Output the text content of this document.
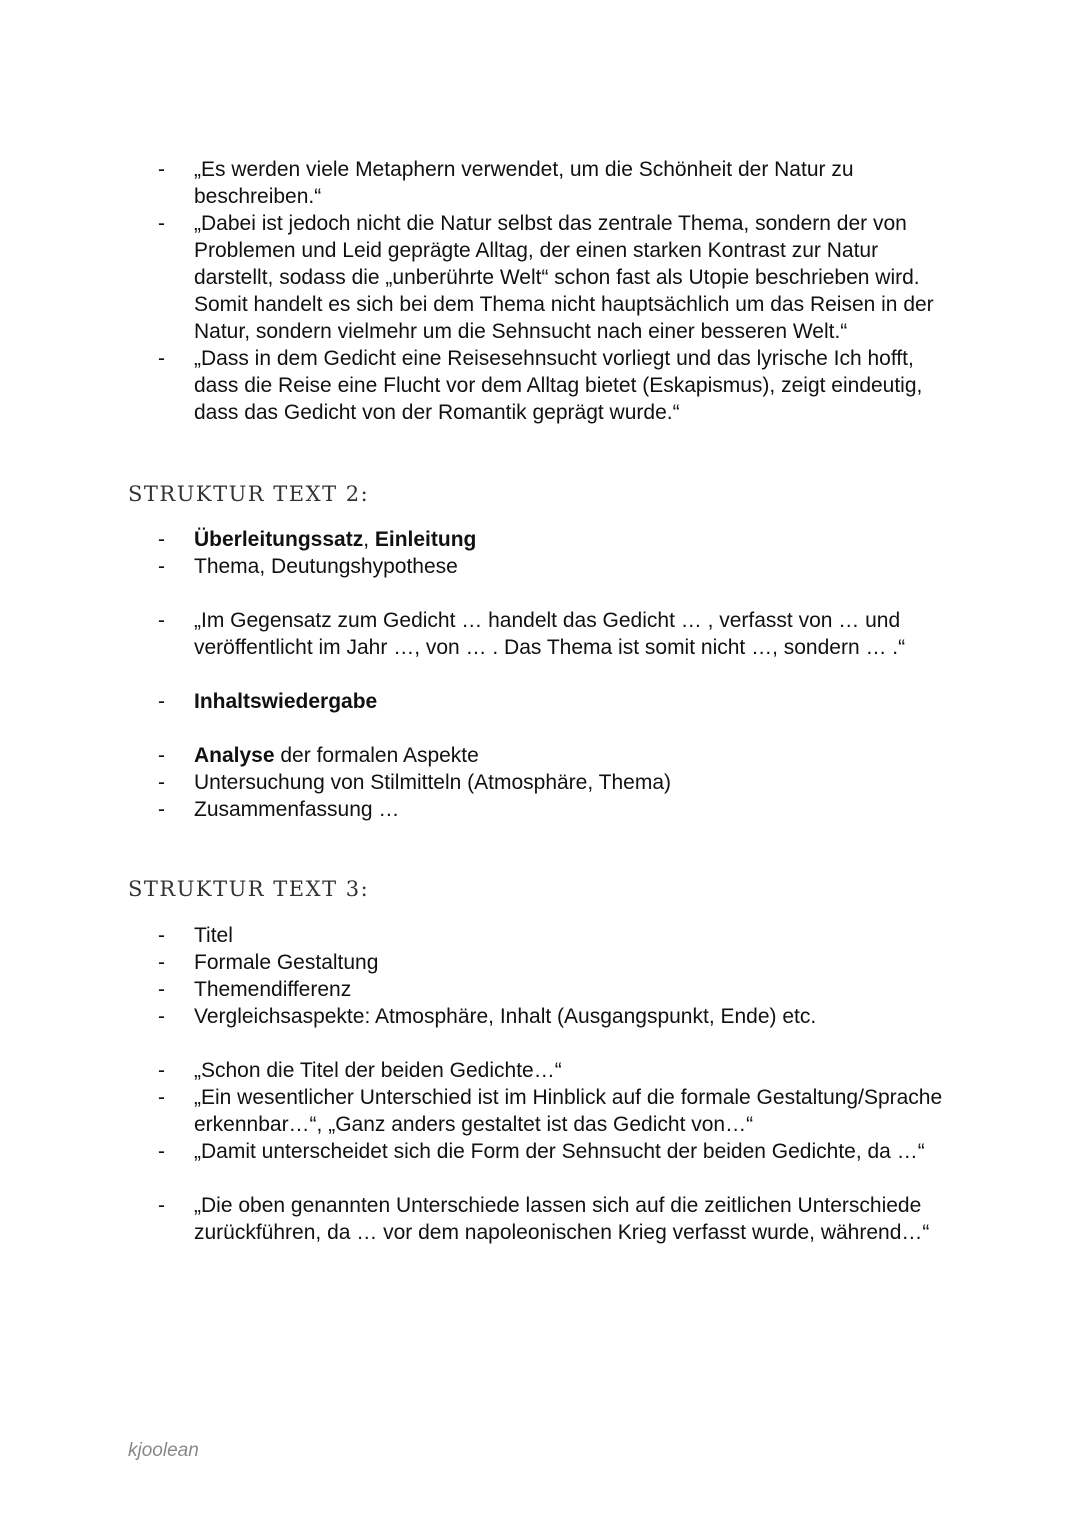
- „Es werden viele Metaphern verwendet, um die Schönheit der Natur zu beschreiben.“
- „Dabei ist jedoch nicht die Natur selbst das zentrale Thema, sondern der von Problemen und Leid geprägte Alltag, der einen starken Kontrast zur Natur darstellt, sodass die „unberührte Welt“ schon fast als Utopie beschrieben wird. Somit handelt es sich bei dem Thema nicht hauptsächlich um das Reisen in der Natur, sondern vielmehr um die Sehnsucht nach einer besseren Welt.“
- „Dass in dem Gedicht eine Reisesehnsucht vorliegt und das lyrische Ich hofft, dass die Reise eine Flucht vor dem Alltag bietet (Eskapismus), zeigt eindeutig, dass das Gedicht von der Romantik geprägt wurde.“
STRUKTUR TEXT 2:
- Überleitungssatz, Einleitung
- Thema, Deutungshypothese
- „Im Gegensatz zum Gedicht … handelt das Gedicht … , verfasst von … und veröffentlicht im Jahr …, von … . Das Thema ist somit nicht …, sondern … .“
- Inhaltswiedergabe
- Analyse der formalen Aspekte
- Untersuchung von Stilmitteln (Atmosphäre, Thema)
- Zusammenfassung …
STRUKTUR TEXT 3:
- Titel
- Formale Gestaltung
- Themendifferenz
- Vergleichsaspekte: Atmosphäre, Inhalt (Ausgangspunkt, Ende) etc.
- „Schon die Titel der beiden Gedichte…“
- „Ein wesentlicher Unterschied ist im Hinblick auf die formale Gestaltung/Sprache erkennbar…“, „Ganz anders gestaltet ist das Gedicht von…“
- „Damit unterscheidet sich die Form der Sehnsucht der beiden Gedichte, da …“
- „Die oben genannten Unterschiede lassen sich auf die zeitlichen Unterschiede zurückführen, da … vor dem napoleonischen Krieg verfasst wurde, während…“
kjoolean
